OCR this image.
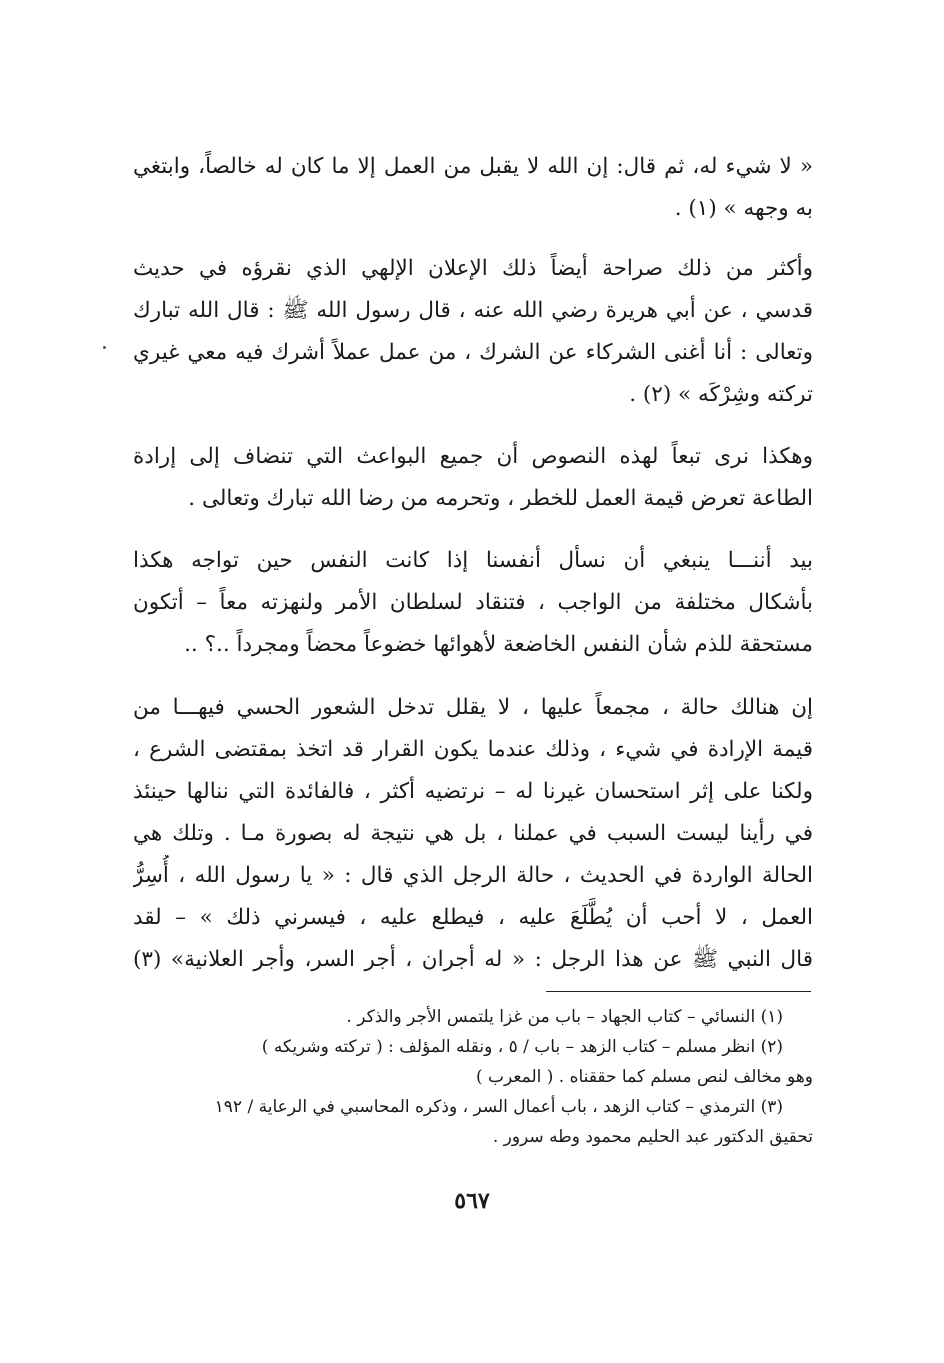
« لا شيء له، ثم قال: إن الله لا يقبل من العمل إلا ما كان له خالصاً، وابتغي
به وجهه » (١) .
وأكثر من ذلك صراحة أيضاً ذلك الإعلان الإلهي الذي نقرؤه في حديث
قدسي ، عن أبي هريرة رضي الله عنه ، قال رسول الله ﷺ : قال الله تبارك
وتعالى : أنا أغنى الشركاء عن الشرك ، من عمل عملاً أشرك فيه معي غيري
تركته وشِرْكَه » (٢) .
وهكذا نرى تبعاً لهذه النصوص أن جميع البواعث التي تنضاف إلى إرادة
الطاعة تعرض قيمة العمل للخطر ، وتحرمه من رضا الله تبارك وتعالى .
بيد أننـــا ينبغي أن نسأل أنفسنا إذا كانت النفس حين تواجه هكذا
بأشكال مختلفة من الواجب ، فتنقاد لسلطان الأمر ولنهزته معاً – أتكون
مستحقة للذم شأن النفس الخاضعة لأهوائها خضوعاً محضاً ومجرداً ..؟ ..
إن هنالك حالة ، مجمعاً عليها ، لا يقلل تدخل الشعور الحسي فيهـــا من
قيمة الإرادة في شيء ، وذلك عندما يكون القرار قد اتخذ بمقتضى الشرع ،
ولكنا على إثر استحسان غيرنا له – نرتضيه أكثر ، فالفائدة التي ننالها حينئذ
في رأينا ليست السبب في عملنا ، بل هي نتيجة له بصورة مـا . وتلك هي
الحالة الواردة في الحديث ، حالة الرجل الذي قال : « يا رسول الله ، أُسِرُّ
العمل ، لا أحب أن يُطَّلَعَ عليه ، فيطلع عليه ، فيسرني ذلك » – لقد
قال النبي ﷺ عن هذا الرجل : « له أجران ، أجر السر، وأجر العلانية» (٣)
(١) النسائي – كتاب الجهاد – باب من غزا يلتمس الأجر والذكر .
(٢) انظر مسلم – كتاب الزهد – باب / ٥ ، ونقله المؤلف : ( تركته وشريكه )
وهو مخالف لنص مسلم كما حققناه . ( المعرب )
(٣) الترمذي – كتاب الزهد ، باب أعمال السر ، وذكره المحاسبي في الرعاية / ١٩٢
تحقيق الدكتور عبد الحليم محمود وطه سرور .
٥٦٧
